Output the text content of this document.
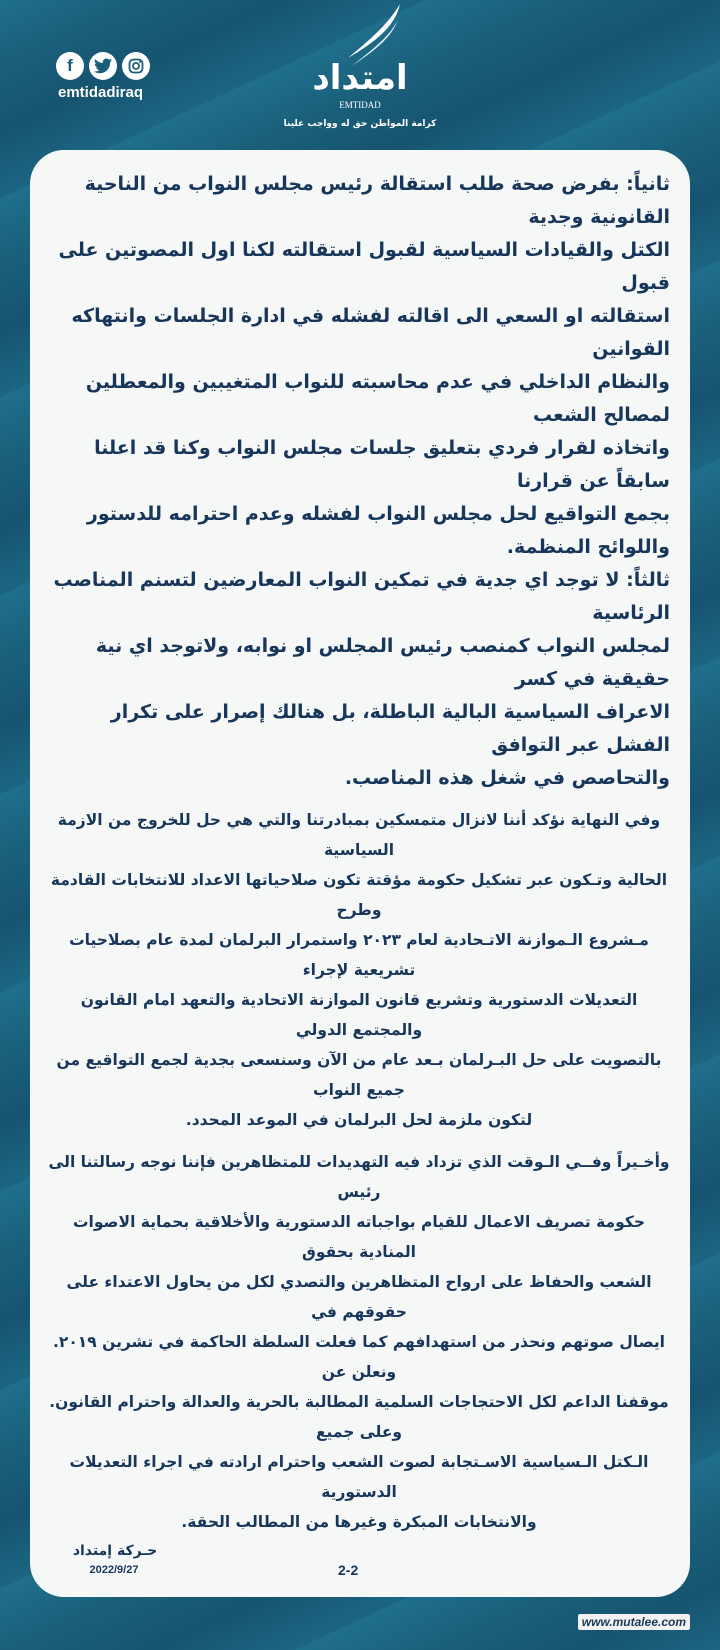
f
emtidadiraq	امتداد
EMTIDAD
كرامة المواطن حق له وواجب علينا
ثانياً: بفرض صحة طلب استقالة رئيس مجلس النواب من الناحية القانونية وجدية
الكتل والقيادات السياسية لقبول استقالته لكنا اول المصوتين على قبول
استقالته او السعي الى اقالته لفشله في ادارة الجلسات وانتهاكه القوانين
والنظام الداخلي في عدم محاسبته للنواب المتغيبين والمعطلين لمصالح الشعب
واتخاذه لقرار فردي بتعليق جلسات مجلس النواب وكنا قد اعلنا سابقاً عن قرارنا
بجمع التواقيع لحل مجلس النواب لفشله وعدم احترامه للدستور واللوائح المنظمة.
ثالثاً: لا توجد اي جدية في تمكين النواب المعارضين لتسنم المناصب الرئاسية
لمجلس النواب كمنصب رئيس المجلس او نوابه، ولاتوجد اي نية حقيقية في كسر
الاعراف السياسية البالية الباطلة، بل هنالك إصرار على تكرار الفشل عبر التوافق
والتحاصص في شغل هذه المناصب.
وفي النهاية نؤكد أننا لانزال متمسكين بمبادرتنا والتي هي حل للخروج من الازمة السياسية
الحالية وتـكون عبر تشكيل حكومة مؤقتة تكون صلاحياتها الاعداد للانتخابات القادمة وطرح
مـشروع الـموازنة الاتـحادية لعام ٢٠٢٣ واستمرار البرلمان لمدة عام بصلاحيات تشريعية لإجراء
التعديلات الدستورية وتشريع قانون الموازنة الاتحادية والتعهد امام القانون والمجتمع الدولي
بالتصويت على حل البـرلمان بـعد عام من الآن وسنسعى بجدية لجمع التواقيع من جميع النواب
لتكون ملزمة لحل البرلمان في الموعد المحدد.
وأخـيراً وفــي الـوقت الذي تزداد فيه التهديدات للمتظاهرين فإننا نوجه رسالتنا الى رئيس
حكومة تصريف الاعمال للقيام بواجباته الدستورية والأخلاقية بحماية الاصوات المنادية بحقوق
الشعب والحفاظ على ارواح المتظاهرين والتصدي لكل من يحاول الاعتداء على حقوقهم في
ايصال صوتهم ونحذر من استهدافهم كما فعلت السلطة الحاكمة في تشرين ٢٠١٩. ونعلن عن
موقفنا الداعم لكل الاحتجاجات السلمية المطالبة بالحرية والعدالة واحترام القانون. وعلى جميع
الـكتل الـسياسية الاسـتجابة لصوت الشعب واحترام ارادته في اجراء التعديلات الدستورية
والانتخابات المبكرة وغيرها من المطالب الحقة.
حـركة إمتداد
2022/9/27	2-2
www.mutalee.com
